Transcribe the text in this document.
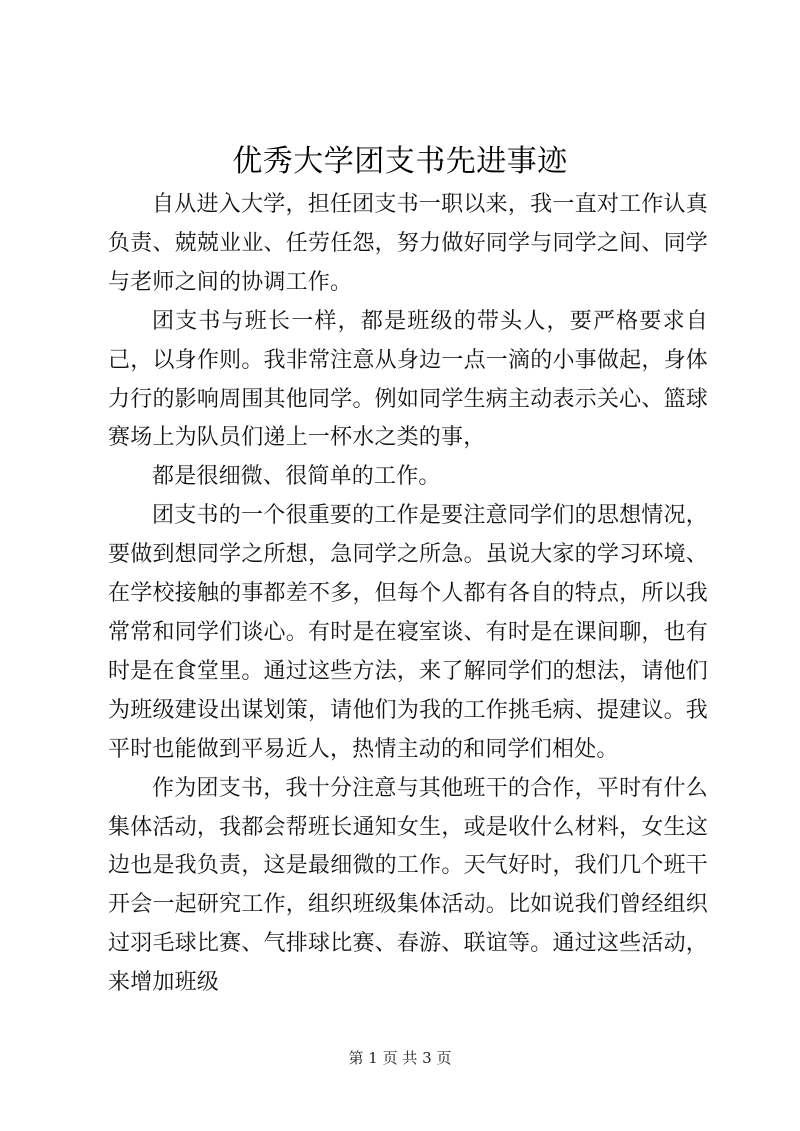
优秀大学团支书先进事迹

自从进入大学，担任团支书一职以来，我一直对工作认真负责、兢兢业业、任劳任怨，努力做好同学与同学之间、同学与老师之间的协调工作。

团支书与班长一样，都是班级的带头人，要严格要求自己，以身作则。我非常注意从身边一点一滴的小事做起，身体力行的影响周围其他同学。例如同学生病主动表示关心、篮球赛场上为队员们递上一杯水之类的事，

都是很细微、很简单的工作。

团支书的一个很重要的工作是要注意同学们的思想情况，要做到想同学之所想，急同学之所急。虽说大家的学习环境、在学校接触的事都差不多，但每个人都有各自的特点，所以我常常和同学们谈心。有时是在寝室谈、有时是在课间聊，也有时是在食堂里。通过这些方法，来了解同学们的想法，请他们为班级建设出谋划策，请他们为我的工作挑毛病、提建议。我平时也能做到平易近人，热情主动的和同学们相处。

作为团支书，我十分注意与其他班干的合作，平时有什么集体活动，我都会帮班长通知女生，或是收什么材料，女生这边也是我负责，这是最细微的工作。天气好时，我们几个班干开会一起研究工作，组织班级集体活动。比如说我们曾经组织过羽毛球比赛、气排球比赛、春游、联谊等。通过这些活动，来增加班级

第 1 页 共 3 页
